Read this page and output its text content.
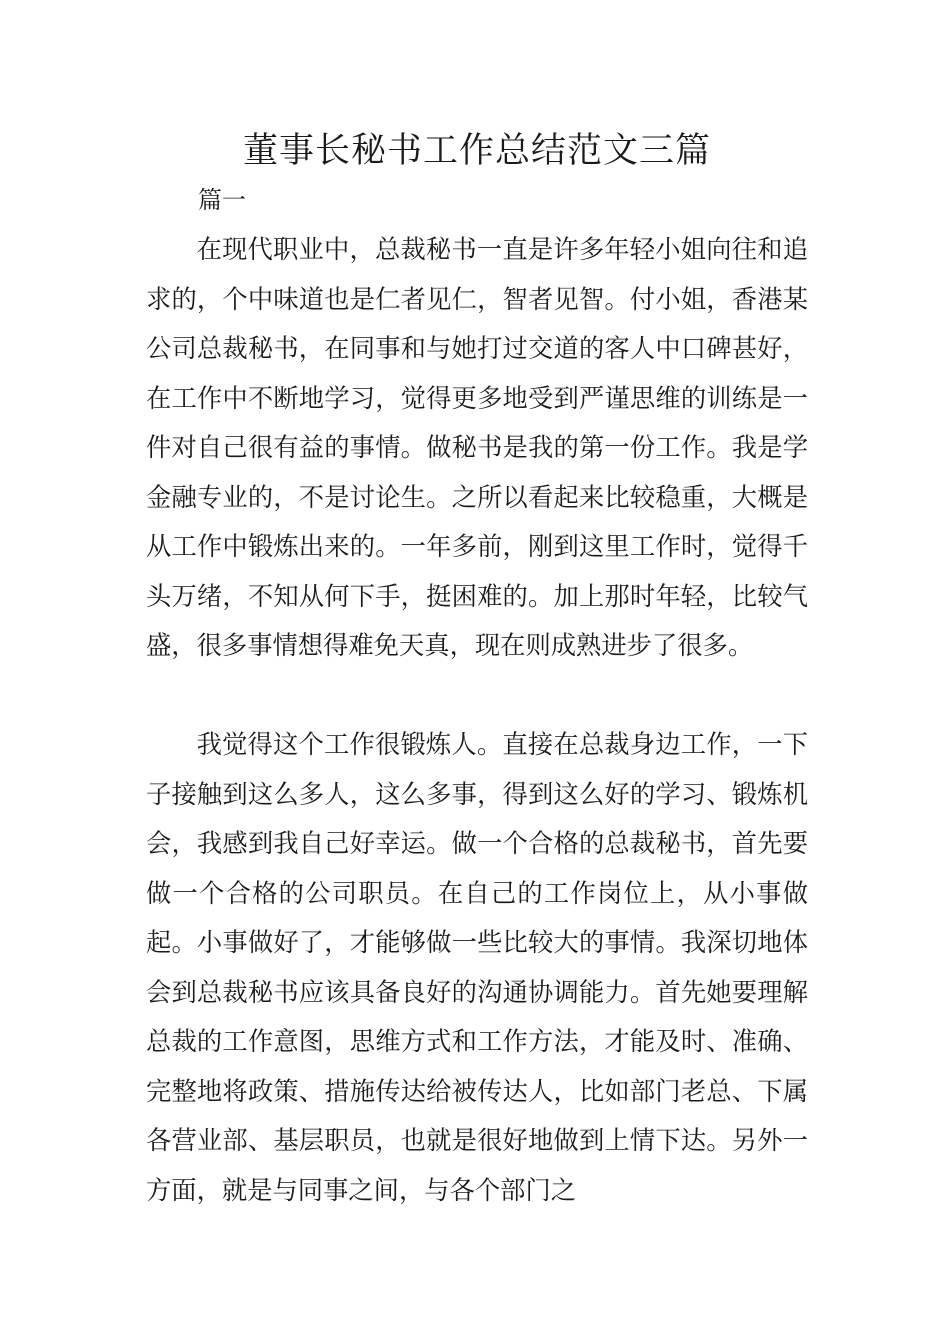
董事长秘书工作总结范文三篇
篇一

在现代职业中，总裁秘书一直是许多年轻小姐向往和追求的，个中味道也是仁者见仁，智者见智。付小姐，香港某公司总裁秘书，在同事和与她打过交道的客人中口碑甚好，在工作中不断地学习，觉得更多地受到严谨思维的训练是一件对自己很有益的事情。做秘书是我的第一份工作。我是学金融专业的，不是讨论生。之所以看起来比较稳重，大概是从工作中锻炼出来的。一年多前，刚到这里工作时，觉得千头万绪，不知从何下手，挺困难的。加上那时年轻，比较气盛，很多事情想得难免天真，现在则成熟进步了很多。

我觉得这个工作很锻炼人。直接在总裁身边工作，一下子接触到这么多人，这么多事，得到这么好的学习、锻炼机会，我感到我自己好幸运。做一个合格的总裁秘书，首先要做一个合格的公司职员。在自己的工作岗位上，从小事做起。小事做好了，才能够做一些比较大的事情。我深切地体会到总裁秘书应该具备良好的沟通协调能力。首先她要理解总裁的工作意图，思维方式和工作方法，才能及时、准确、完整地将政策、措施传达给被传达人，比如部门老总、下属各营业部、基层职员，也就是很好地做到上情下达。另外一方面，就是与同事之间，与各个部门之
